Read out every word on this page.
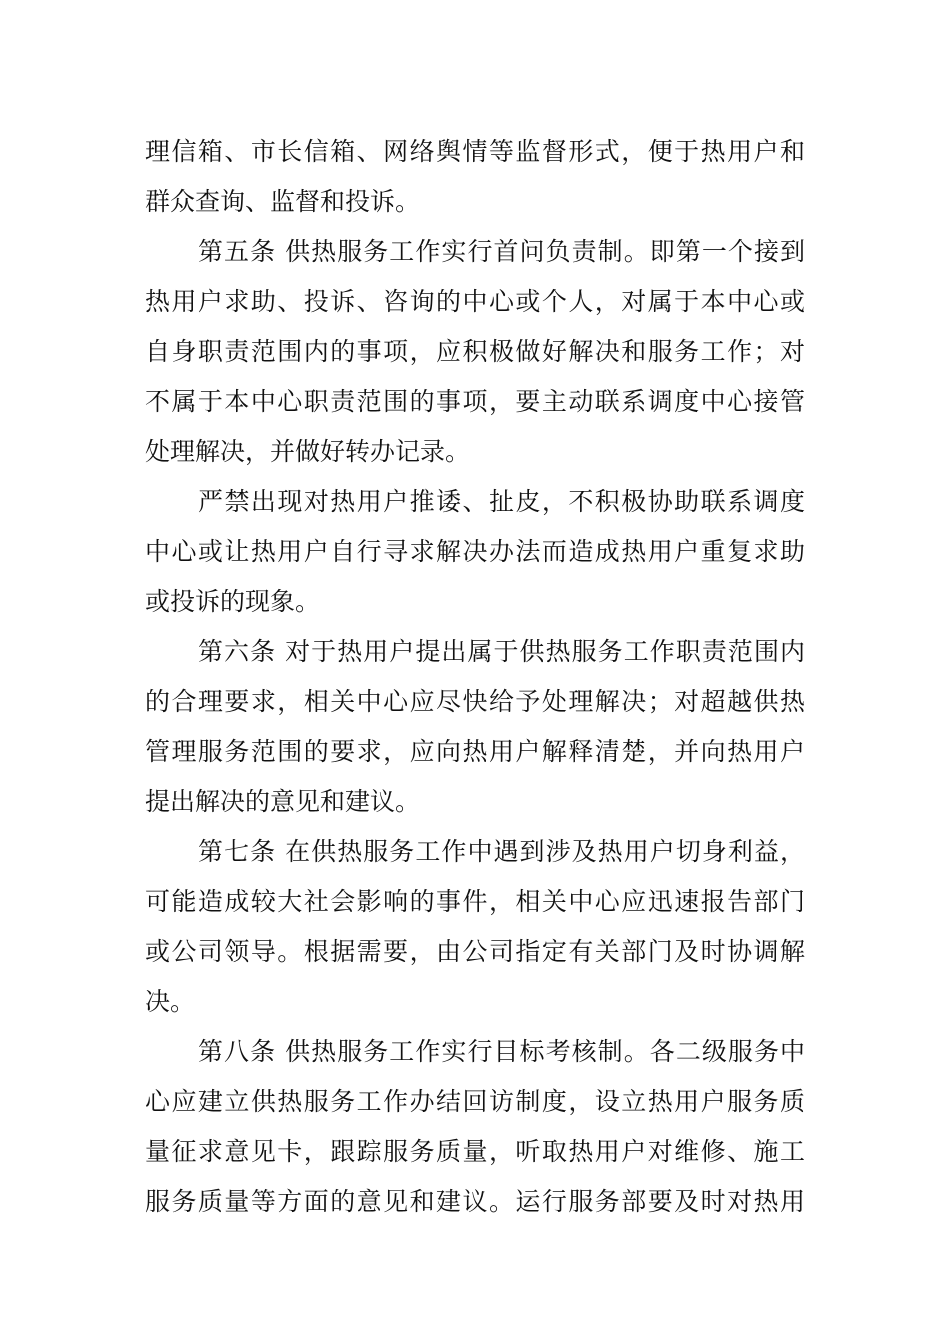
理信箱、市长信箱、网络舆情等监督形式，便于热用户和
群众查询、监督和投诉。
第五条 供热服务工作实行首问负责制。即第一个接到
热用户求助、投诉、咨询的中心或个人，对属于本中心或
自身职责范围内的事项，应积极做好解决和服务工作；对
不属于本中心职责范围的事项，要主动联系调度中心接管
处理解决，并做好转办记录。
严禁出现对热用户推诿、扯皮，不积极协助联系调度
中心或让热用户自行寻求解决办法而造成热用户重复求助
或投诉的现象。
第六条 对于热用户提出属于供热服务工作职责范围内
的合理要求，相关中心应尽快给予处理解决；对超越供热
管理服务范围的要求，应向热用户解释清楚，并向热用户
提出解决的意见和建议。
第七条 在供热服务工作中遇到涉及热用户切身利益，
可能造成较大社会影响的事件，相关中心应迅速报告部门
或公司领导。根据需要，由公司指定有关部门及时协调解
决。
第八条 供热服务工作实行目标考核制。各二级服务中
心应建立供热服务工作办结回访制度，设立热用户服务质
量征求意见卡，跟踪服务质量，听取热用户对维修、施工
服务质量等方面的意见和建议。运行服务部要及时对热用
